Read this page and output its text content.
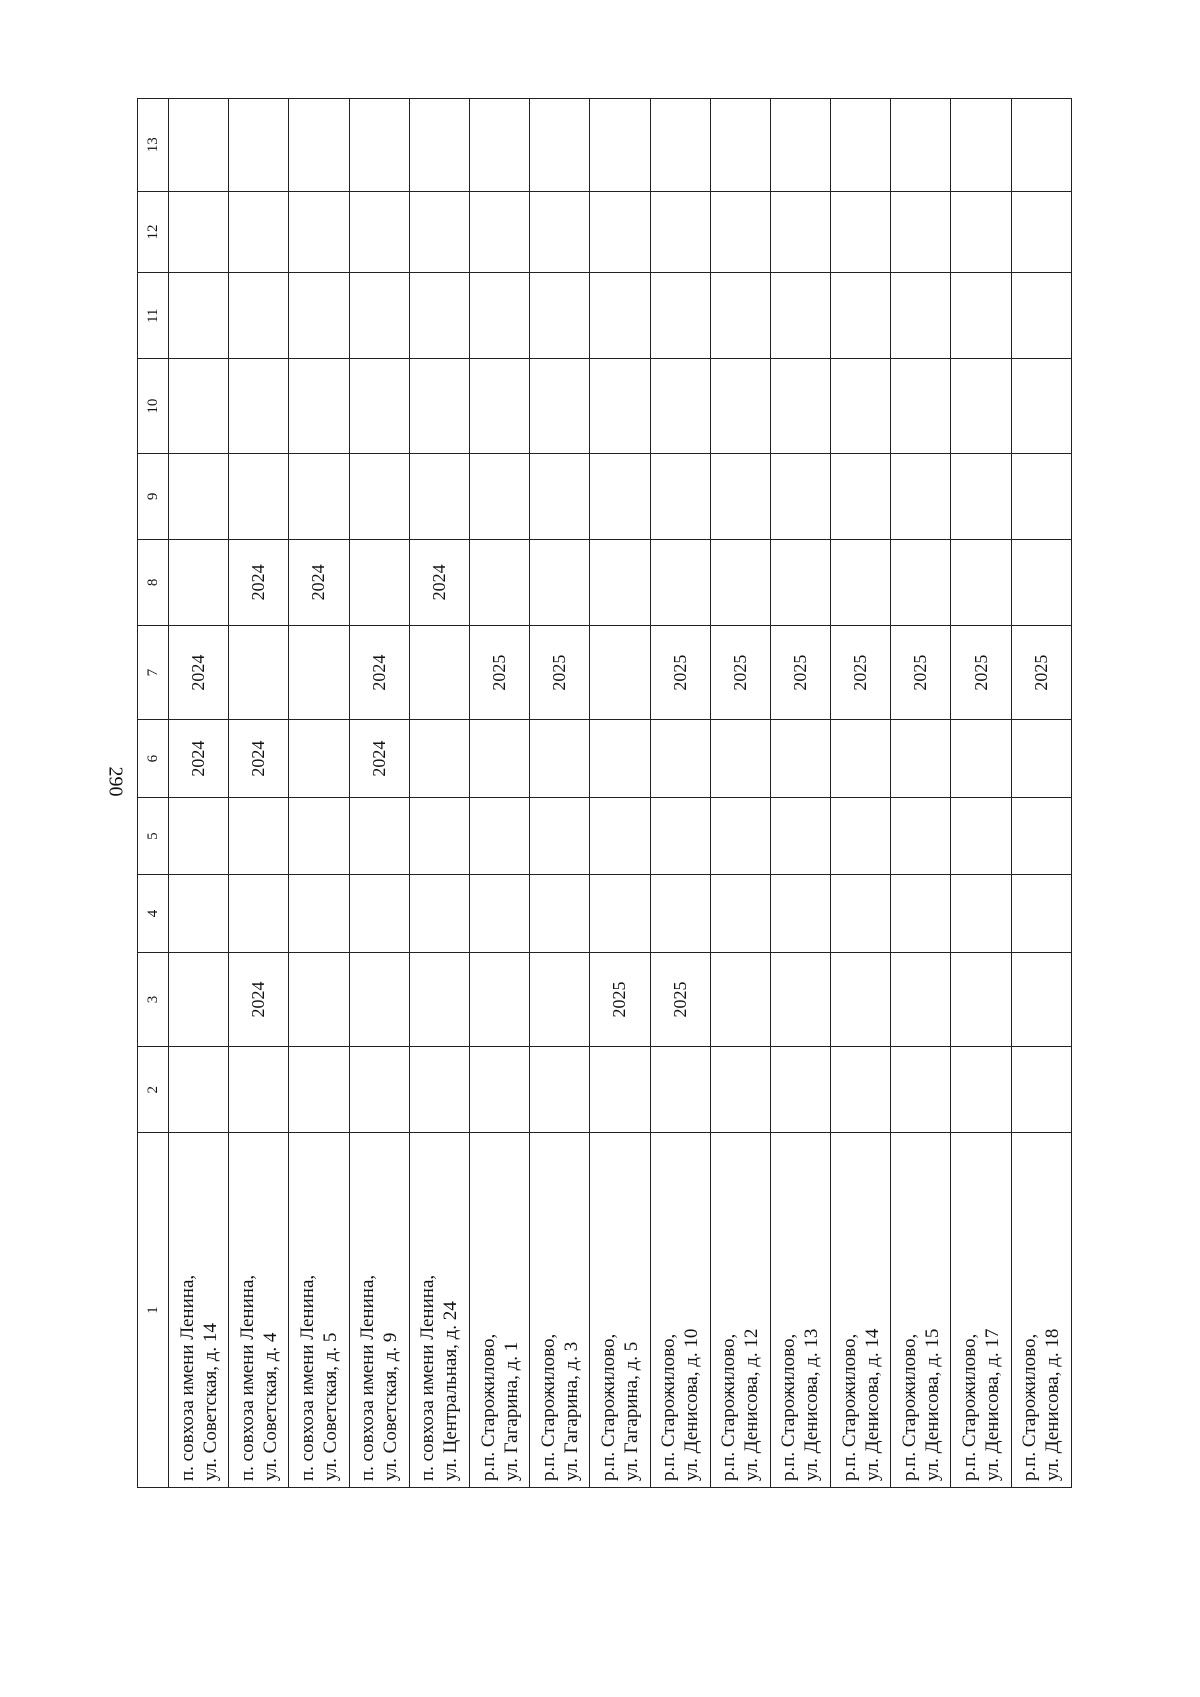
290
1	2	3	4	5	6	7	8	9	10	11	12	13

п. совхоза имени Ленина, ул. Советская, д. 14					2024	2024						

п. совхоза имени Ленина, ул. Советская, д. 4		2024			2024		2024					

п. совхоза имени Ленина, ул. Советская, д. 5							2024					

п. совхоза имени Ленина, ул. Советская, д. 9					2024	2024						

п. совхоза имени Ленина, ул. Центральная, д. 24							2024					

р.п. Старожилово, ул. Гагарина, д. 1						2025						

р.п. Старожилово, ул. Гагарина, д. 3						2025						

р.п. Старожилово, ул. Гагарина, д. 5		2025										

р.п. Старожилово, ул. Денисова, д. 10		2025				2025						

р.п. Старожилово, ул. Денисова, д. 12						2025						

р.п. Старожилово, ул. Денисова, д. 13						2025						

р.п. Старожилово, ул. Денисова, д. 14						2025						

р.п. Старожилово, ул. Денисова, д. 15						2025						

р.п. Старожилово, ул. Денисова, д. 17						2025						

р.п. Старожилово, ул. Денисова, д. 18						2025						
